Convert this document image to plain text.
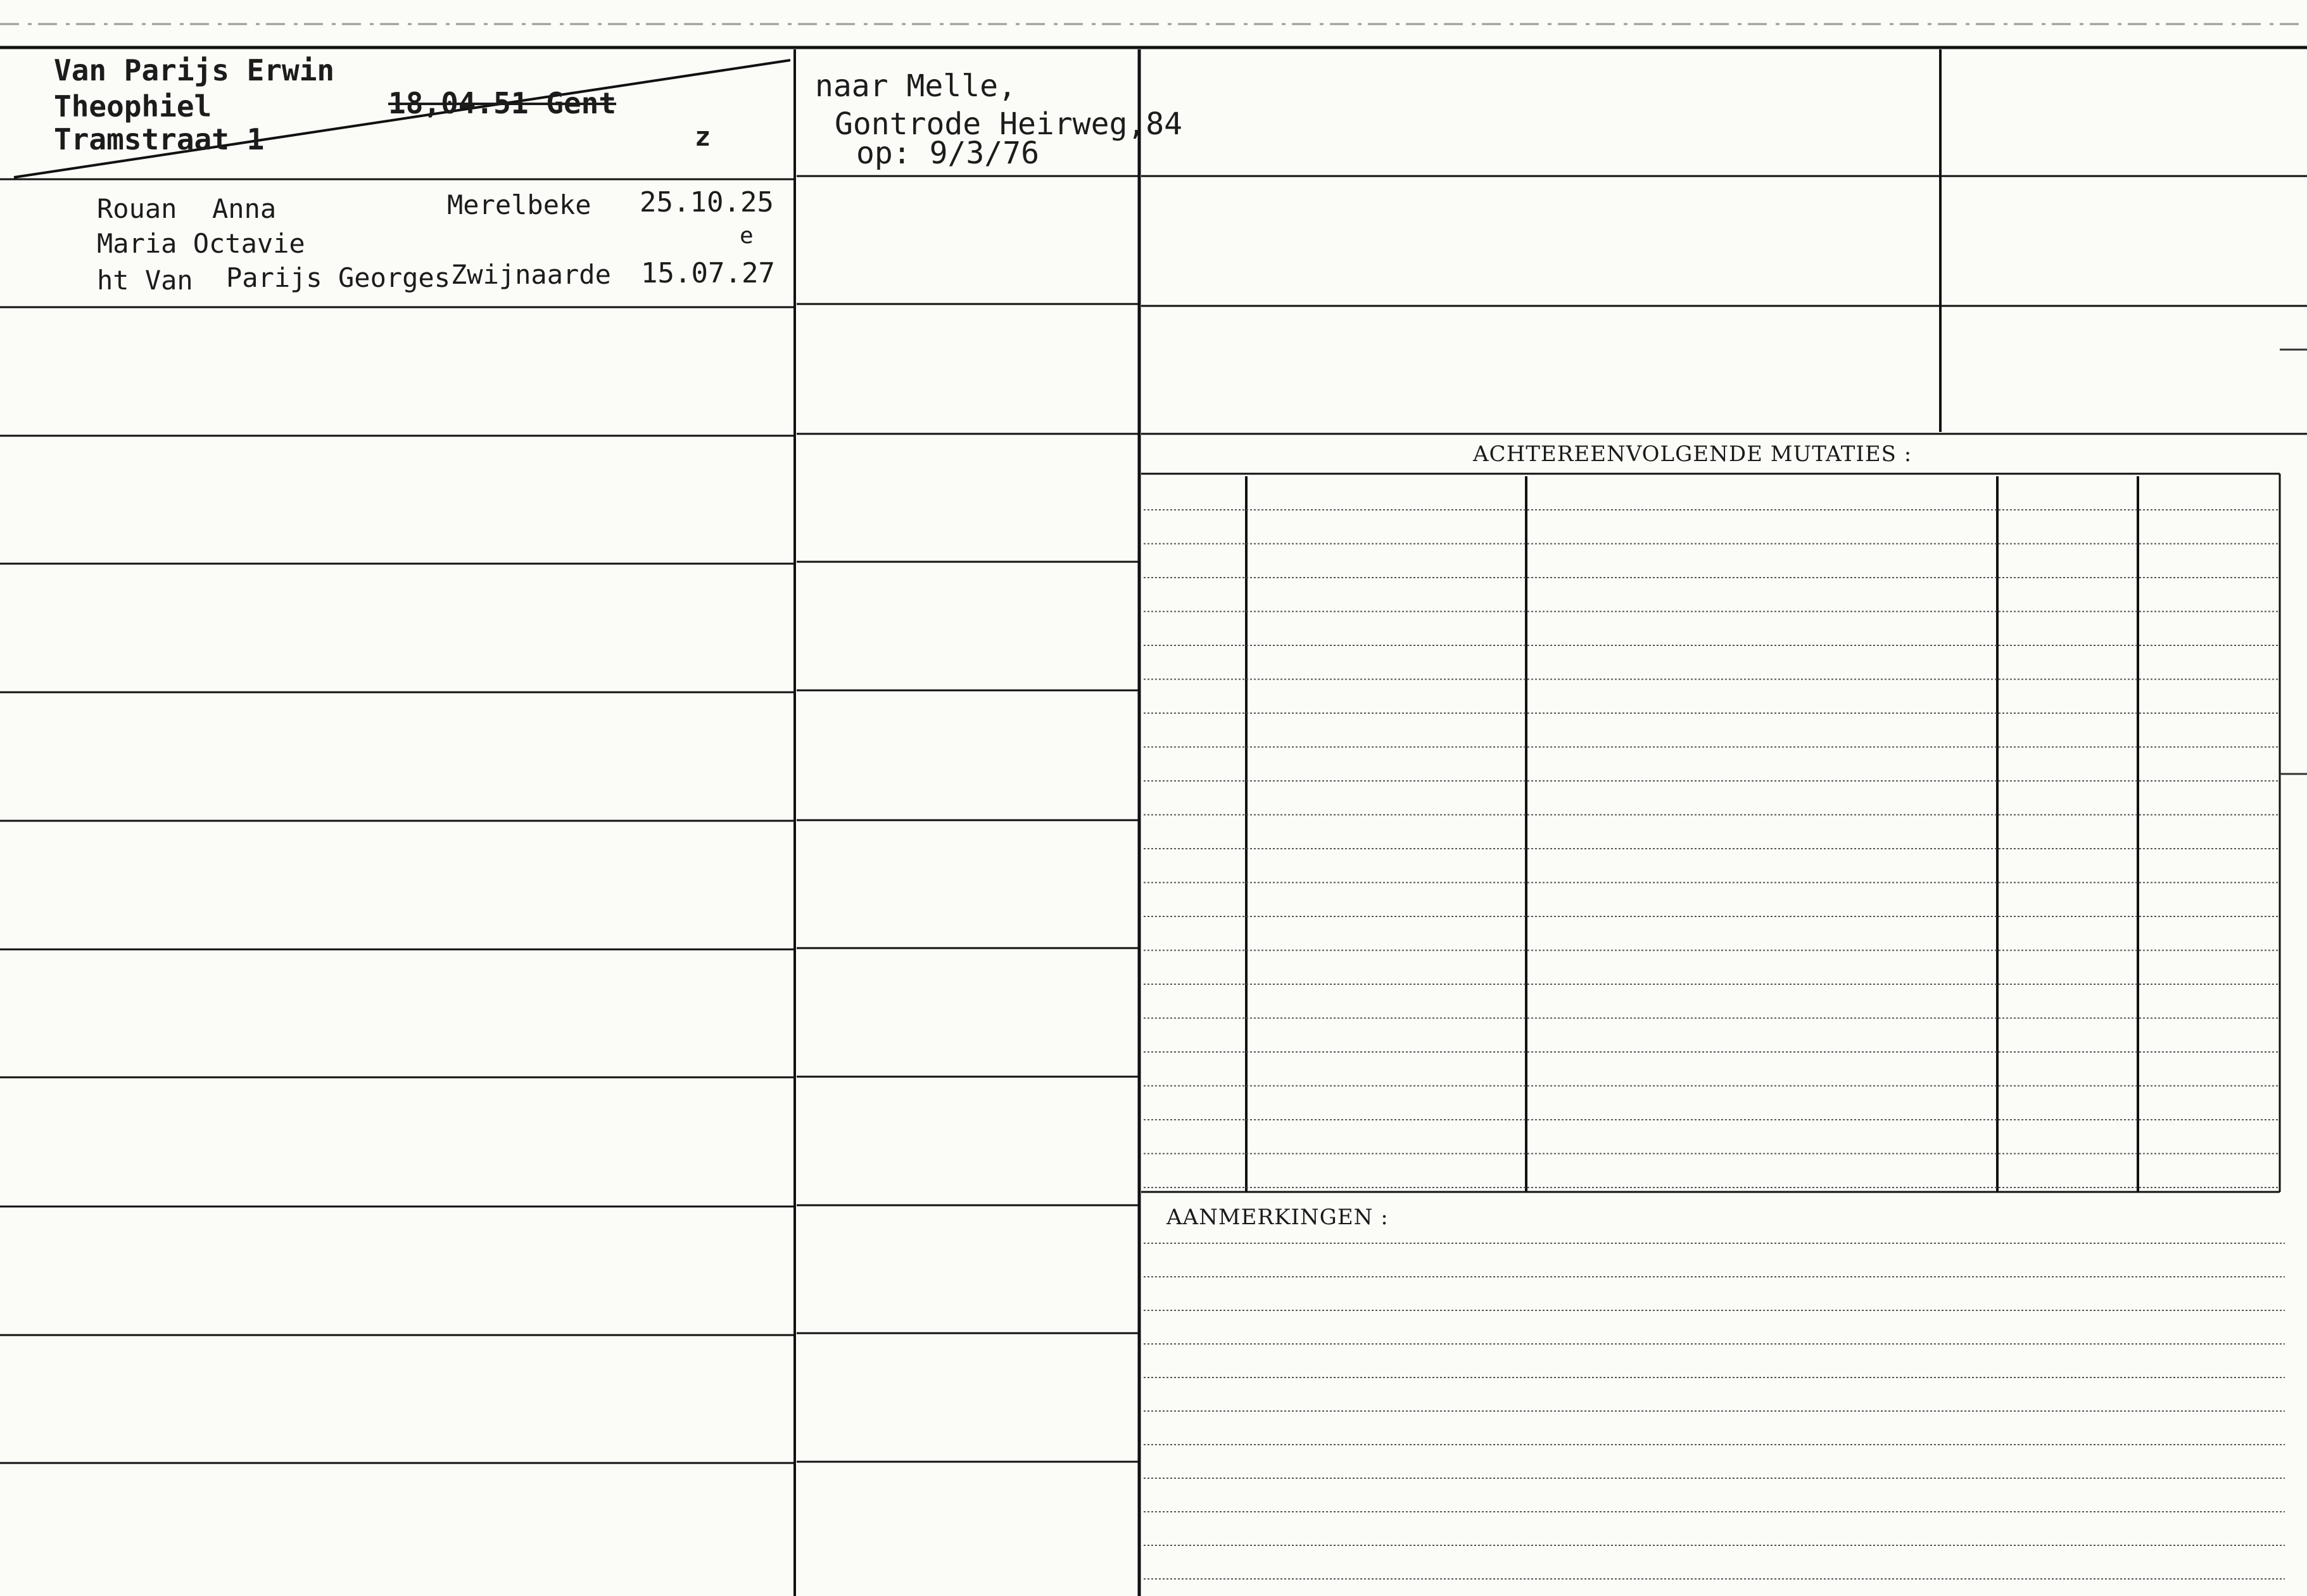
ACHTEREENVOLGENDE MUTATIES :
AANMERKINGEN :
Van Parijs Erwin
Theophiel	18,04.51 Gent
Tramstraat 1	z
Rouan Anna	Merelbeke 25.10.25
Maria Octavie	e
ht Van Parijs Georges Zwijnaarde 15.07.27
naar Melle,
Gontrode Heirweg,84
op: 9/3/76
